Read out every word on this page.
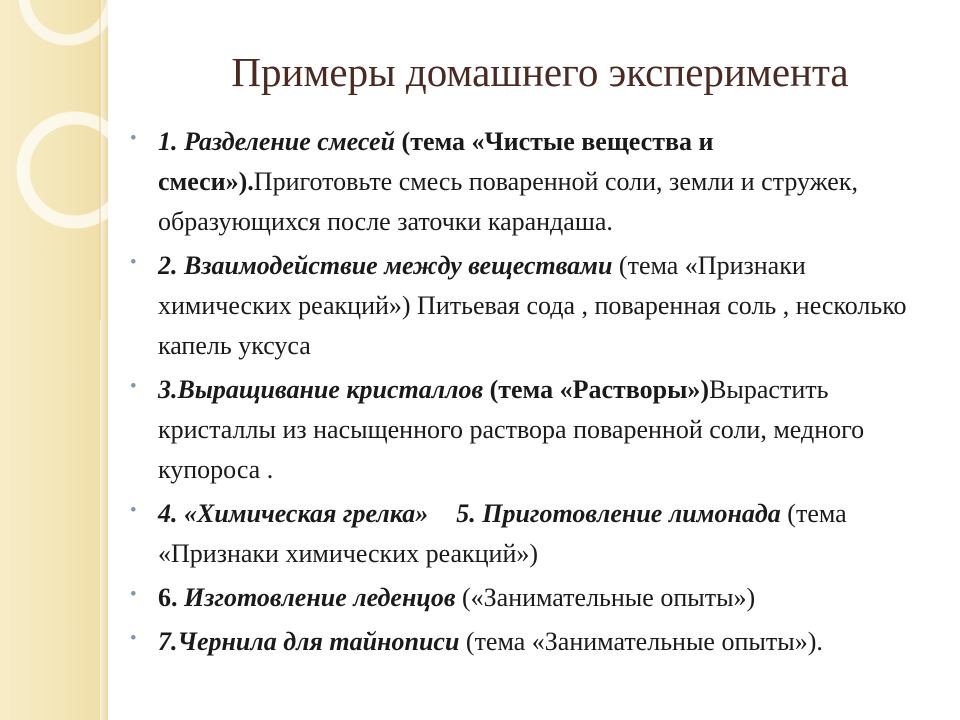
Примеры домашнего эксперимента
• 1. Разделение смесей (тема «Чистые вещества и смеси»).Приготовьте смесь поваренной соли, земли и стружек, образующихся после заточки карандаша.
• 2. Взаимодействие между веществами (тема «Признаки химических реакций») Питьевая сода , поваренная соль , несколько капель уксуса
• 3.Выращивание кристаллов (тема «Растворы»)Вырастить кристаллы из насыщенного раствора поваренной соли, медного купороса .
• 4. «Химическая грелка» 5. Приготовление лимонада (тема «Признаки химических реакций»)
• 6. Изготовление леденцов («Занимательные опыты»)
• 7.Чернила для тайнописи (тема «Занимательные опыты»).
